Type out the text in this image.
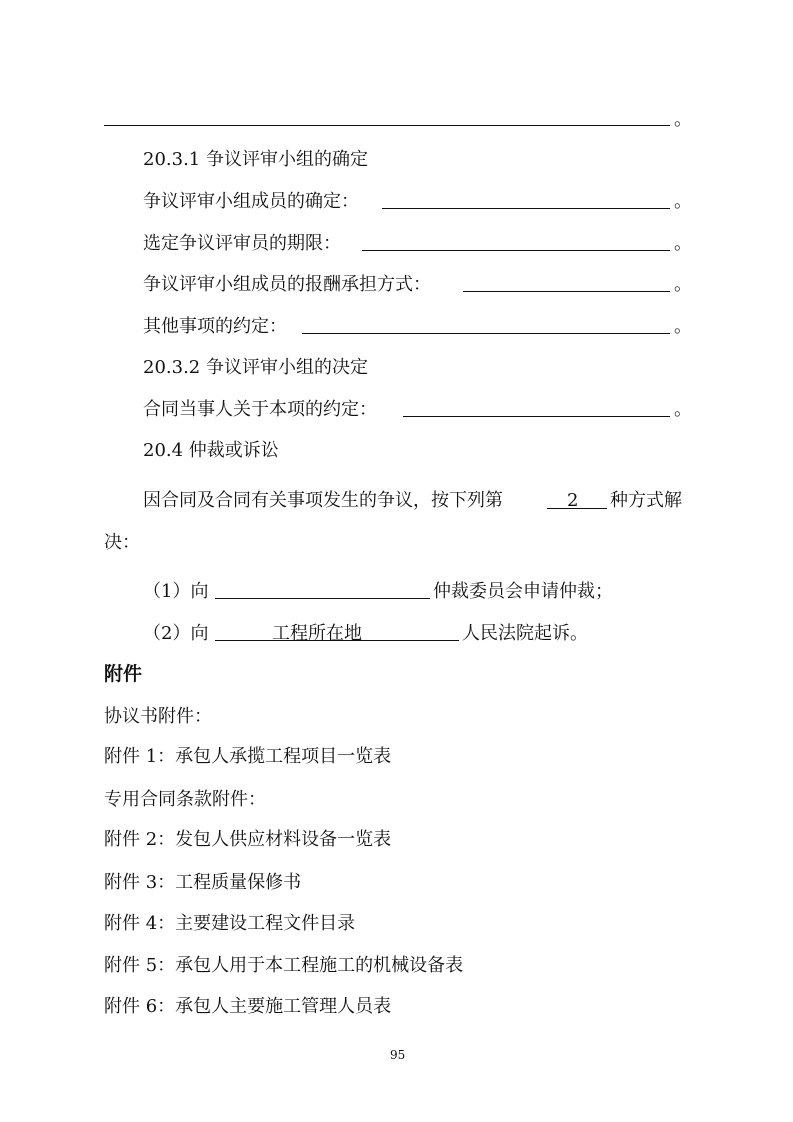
。
20.3.1 争议评审小组的确定
争议评审小组成员的确定：	。
选定争议评审员的期限：	。
争议评审小组成员的报酬承担方式：	。
其他事项的约定：	。
20.3.2 争议评审小组的决定
合同当事人关于本项的约定：	。
20.4 仲裁或诉讼
因合同及合同有关事项发生的争议，按下列第	2 种方式解
决：
（1）向	仲裁委员会申请仲裁；
（2）向	工程所在地	人民法院起诉。
附件
协议书附件：
附件 1：承包人承揽工程项目一览表
专用合同条款附件：
附件 2：发包人供应材料设备一览表
附件 3：工程质量保修书
附件 4：主要建设工程文件目录
附件 5：承包人用于本工程施工的机械设备表
附件 6：承包人主要施工管理人员表
95
